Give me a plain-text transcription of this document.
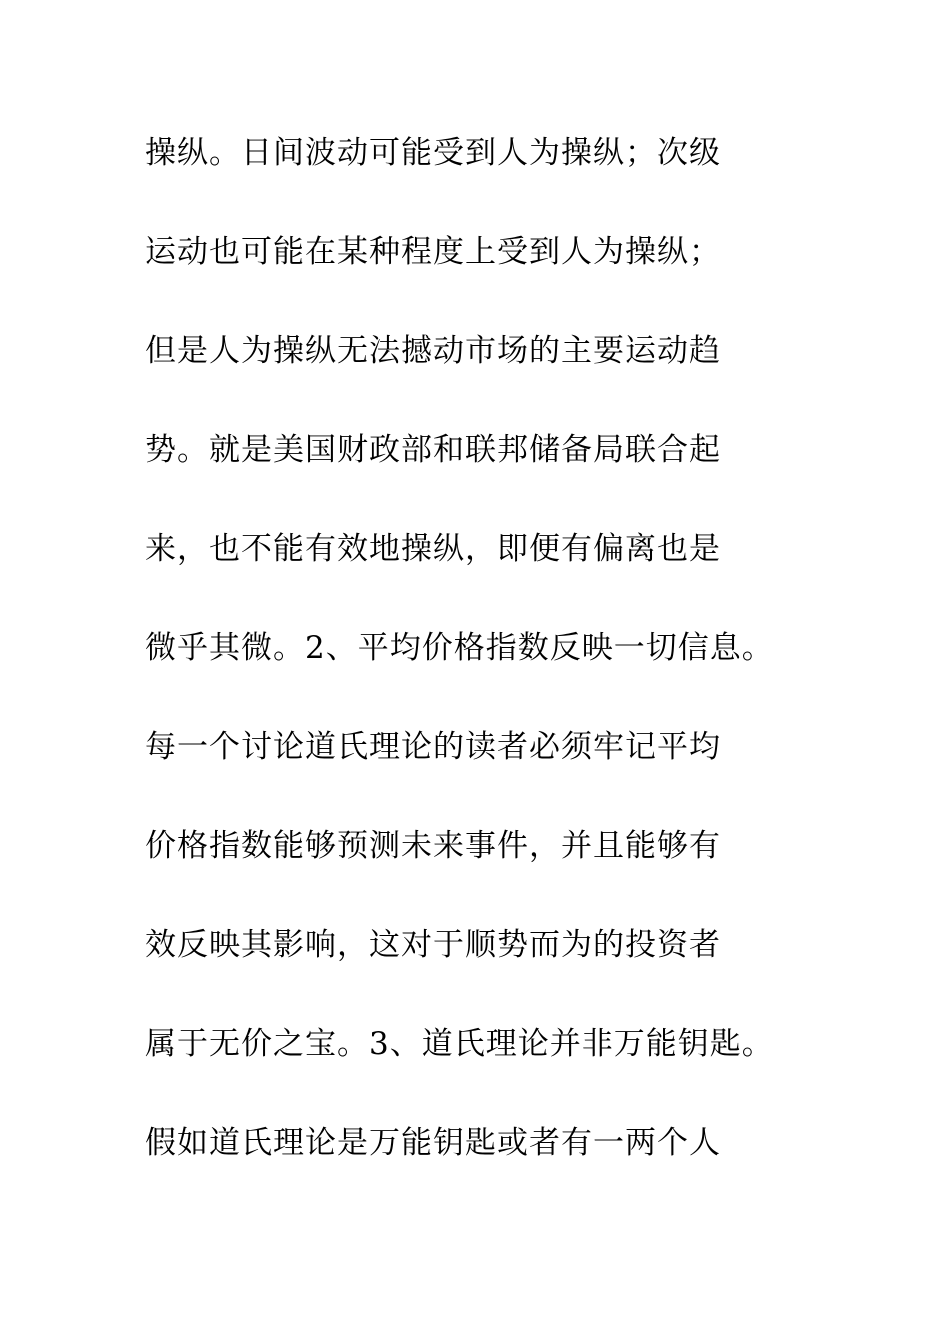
操纵。日间波动可能受到人为操纵；次级
运动也可能在某种程度上受到人为操纵；
但是人为操纵无法撼动市场的主要运动趋
势。就是美国财政部和联邦储备局联合起
来，也不能有效地操纵，即便有偏离也是
微乎其微。2、平均价格指数反映一切信息。
每一个讨论道氏理论的读者必须牢记平均
价格指数能够预测未来事件，并且能够有
效反映其影响，这对于顺势而为的投资者
属于无价之宝。3、道氏理论并非万能钥匙。
假如道氏理论是万能钥匙或者有一两个人
